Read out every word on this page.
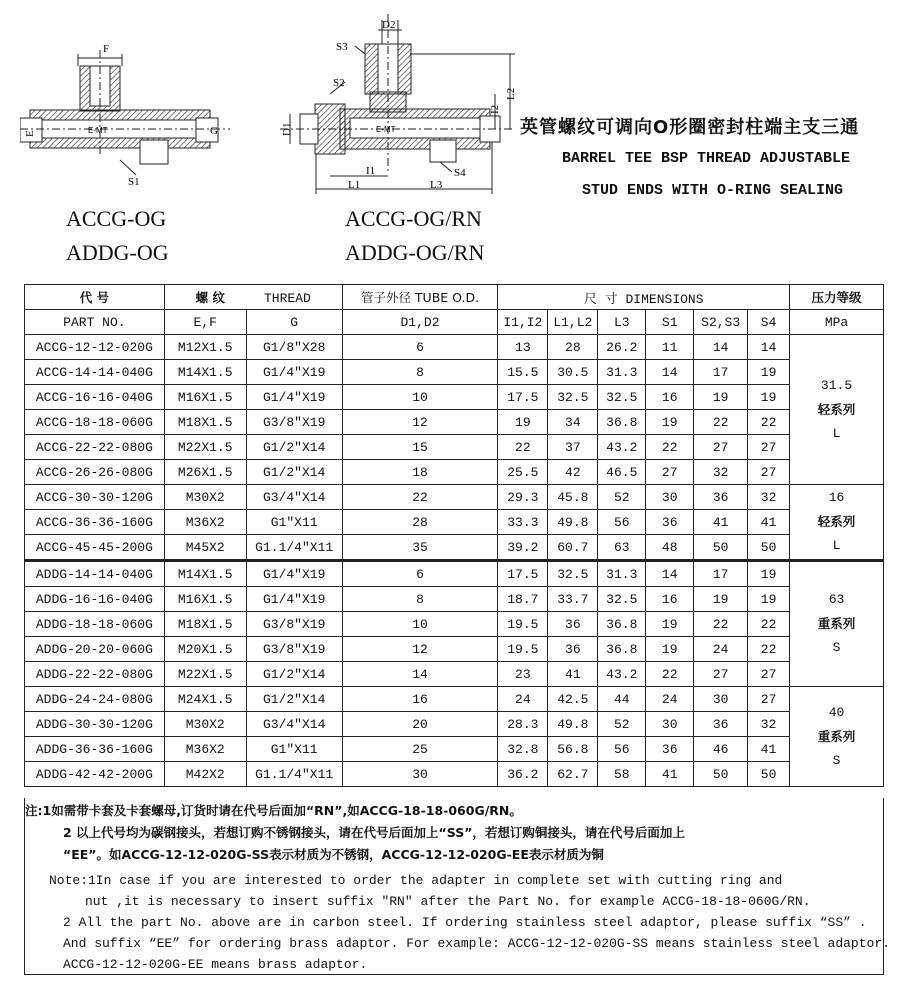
F
E	G
S1
E-MT
D2
S3
S2
D1
L2
I2
I1
L1	L3
S4
E-MT
ACCG-OG
ADDG-OG
ACCG-OG/RN
ADDG-OG/RN
英管螺纹可调向O形圈密封柱端主支三通
BARREL TEE BSP THREAD ADJUSTABLE
STUD ENDS WITH O-RING SEALING
代 号	螺 纹 THREAD		管子外径 TUBE O.D.	尺 寸 DIMENSIONS						压力等级
PART NO.	E,F	G	D1,D2	I1,I2	L1,L2	L3	S1	S2,S3	S4	MPa
ACCG-12-12-020G	M12X1.5	G1/8″X28	6	13	28	26.2	11	14	14	31.5
轻系列
L

ACCG-14-14-040G	M14X1.5	G1/4″X19	8	15.5	30.5	31.3	14	17	19	
ACCG-16-16-040G	M16X1.5	G1/4″X19	10	17.5	32.5	32.5	16	19	19	
ACCG-18-18-060G	M18X1.5	G3/8″X19	12	19	34	36.8	19	22	22	
ACCG-22-22-080G	M22X1.5	G1/2″X14	15	22	37	43.2	22	27	27	
ACCG-26-26-080G	M26X1.5	G1/2″X14	18	25.5	42	46.5	27	32	27	
ACCG-30-30-120G	M30X2	G3/4″X14	22	29.3	45.8	52	30	36	32	16
轻系列
L

ACCG-36-36-160G	M36X2	G1″X11	28	33.3	49.8	56	36	41	41	
ACCG-45-45-200G	M45X2	G1.1/4″X11	35	39.2	60.7	63	48	50	50	
ADDG-14-14-040G	M14X1.5	G1/4″X19	6	17.5	32.5	31.3	14	17	19	63
重系列
S

ADDG-16-16-040G	M16X1.5	G1/4″X19	8	18.7	33.7	32.5	16	19	19	
ADDG-18-18-060G	M18X1.5	G3/8″X19	10	19.5	36	36.8	19	22	22	
ADDG-20-20-060G	M20X1.5	G3/8″X19	12	19.5	36	36.8	19	24	22	
ADDG-22-22-080G	M22X1.5	G1/2″X14	14	23	41	43.2	22	27	27	
ADDG-24-24-080G	M24X1.5	G1/2″X14	16	24	42.5	44	24	30	27	40
重系列
S

ADDG-30-30-120G	M30X2	G3/4″X14	20	28.3	49.8	52	30	36	32	
ADDG-36-36-160G	M36X2	G1″X11	25	32.8	56.8	56	36	46	41	
ADDG-42-42-200G	M42X2	G1.1/4″X11	30	36.2	62.7	58	41	50	50	
注:1如需带卡套及卡套螺母,订货时请在代号后面加“RN”,如ACCG-18-18-060G/RN。
2 以上代号均为碳钢接头，若想订购不锈钢接头，请在代号后面加上“SS”，若想订购铜接头，请在代号后面加上
“EE”。如ACCG-12-12-020G-SS表示材质为不锈钢，ACCG-12-12-020G-EE表示材质为铜
Note:1In case if you are interested to order the adapter in complete set with cutting ring and
nut ,it is necessary to insert suffix ″RN″ after the Part No. for example ACCG-18-18-060G/RN.
2 All the part No. above are in carbon steel. If ordering stainless steel adaptor, please suffix “SS” .
And suffix “EE” for ordering brass adaptor. For example: ACCG-12-12-020G-SS means stainless steel adaptor.
ACCG-12-12-020G-EE means brass adaptor.
